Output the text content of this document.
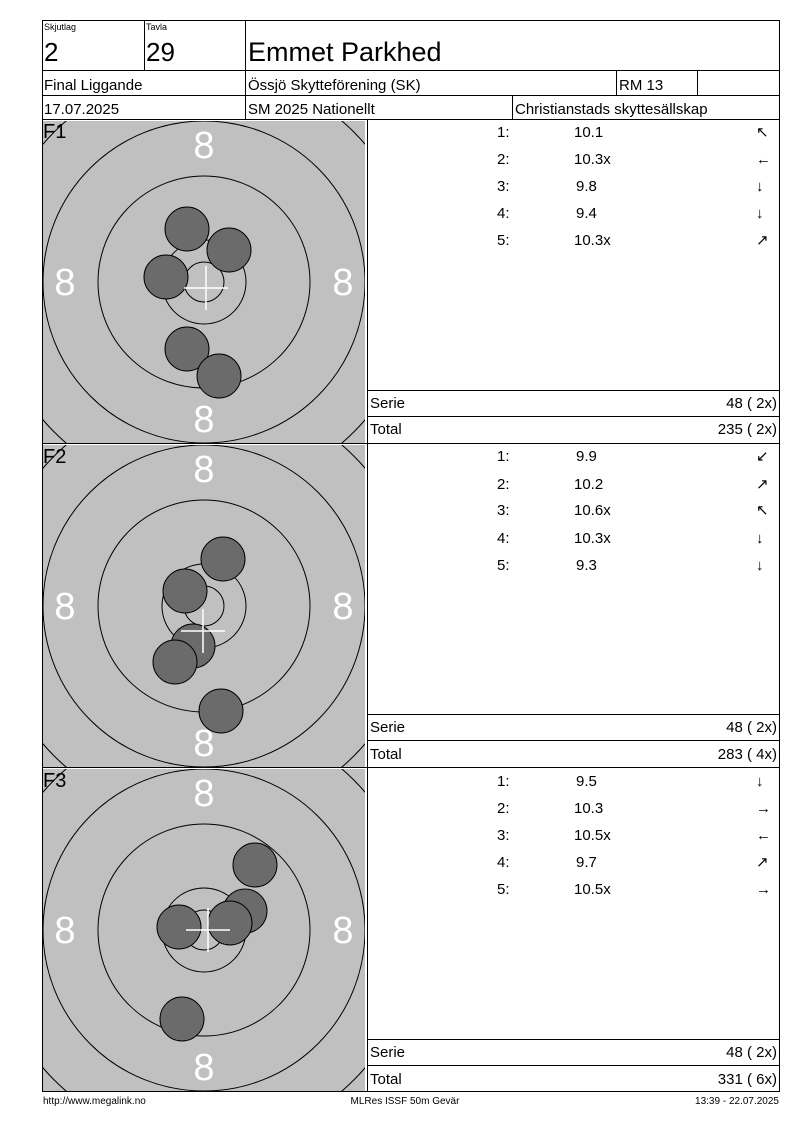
Skjutlag
2
Tavla
29	Emmet Parkhed
Final Liggande	Össjö Skytteförening (SK)	RM 13
17.07.2025	SM 2025 Nationellt	Christianstads skyttesällskap
8
8
8	8
F1	1:	10.1	↖
2:	10.3x	←
3:	9.8	↓
4:	9.4	↓
5:	10.3x	↗
Serie	48 ( 2x)
Total	235 ( 2x)
8
8
8	8
F2	1:	9.9	↙
2:	10.2	↗
3:	10.6x	↖
4:	10.3x	↓
5:	9.3	↓
Serie	48 ( 2x)
Total	283 ( 4x)
8
8
8	8
F3	1:	9.5	↓
2:	10.3	→
3:	10.5x	←
4:	9.7	↗
5:	10.5x	→
Serie	48 ( 2x)
Total	331 ( 6x)
http://www.megalink.no	MLRes ISSF 50m Gevär	13:39 - 22.07.2025
